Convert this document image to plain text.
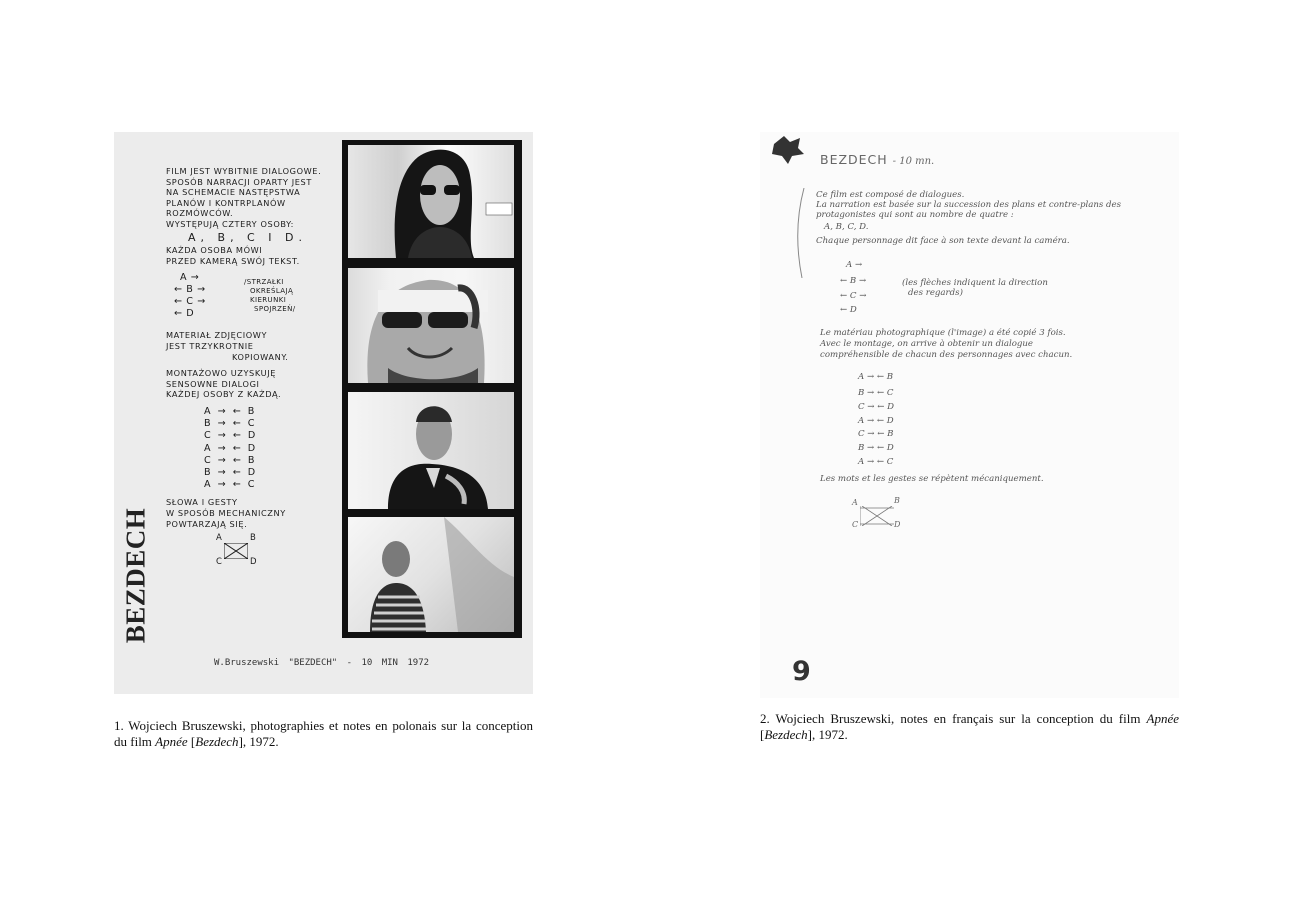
FILM JEST WYBITNIE DIALOGOWE.
SPOSÓB NARRACJI OPARTY JEST
NA SCHEMACIE NASTĘPSTWA
PLANÓW I KONTRPLANÓW
ROZMÓWCÓW.
WYSTĘPUJĄ CZTERY OSOBY:
A, B, C I D.
KAŻDA OSOBA MÓWI
PRZED KAMERĄ SWÓJ TEKST.
A →
← B →
← C →
← D
/STRZAŁKI
OKREŚLAJĄ
KIERUNKI
SPOJRZEŃ/
MATERIAŁ ZDJĘCIOWY
JEST TRZYKROTNIE
KOPIOWANY.
MONTAŻOWO UZYSKUJĘ
SENSOWNE DIALOGI
KAŻDEJ OSOBY Z KAŻDĄ.
A → ← B
B → ← C
C → ← D
A → ← D
C → ← B
B → ← D
A → ← C
SŁOWA I GESTY
W SPOSÓB MECHANICZNY
POWTARZAJĄ SIĘ.
A	B
C	D
BEZDECH
W.Bruszewski "BEZDECH" - 10 MIN 1972
1. Wojciech Bruszewski, photographies et notes en polonais sur la conception du film Apnée [Bezdech], 1972.
BEZDECH - 10 mn.
Ce film est composé de dialogues.
La narration est basée sur la succession des plans et contre-plans des
protagonistes qui sont au nombre de quatre :
A, B, C, D.
Chaque personnage dit face à son texte devant la caméra.
A →
← B →
← C →
← D
(les flèches indiquent la direction
des regards)
Le matériau photographique (l'image) a été copié 3 fois.
Avec le montage, on arrive à obtenir un dialogue
compréhensible de chacun des personnages avec chacun.
A → ← B
B → ← C
C → ← D
A → ← D
C → ← B
B → ← D
A → ← C
Les mots et les gestes se répètent mécaniquement.
A	B
C	D
9
2. Wojciech Bruszewski, notes en français sur la conception du film Apnée [Bezdech], 1972.
